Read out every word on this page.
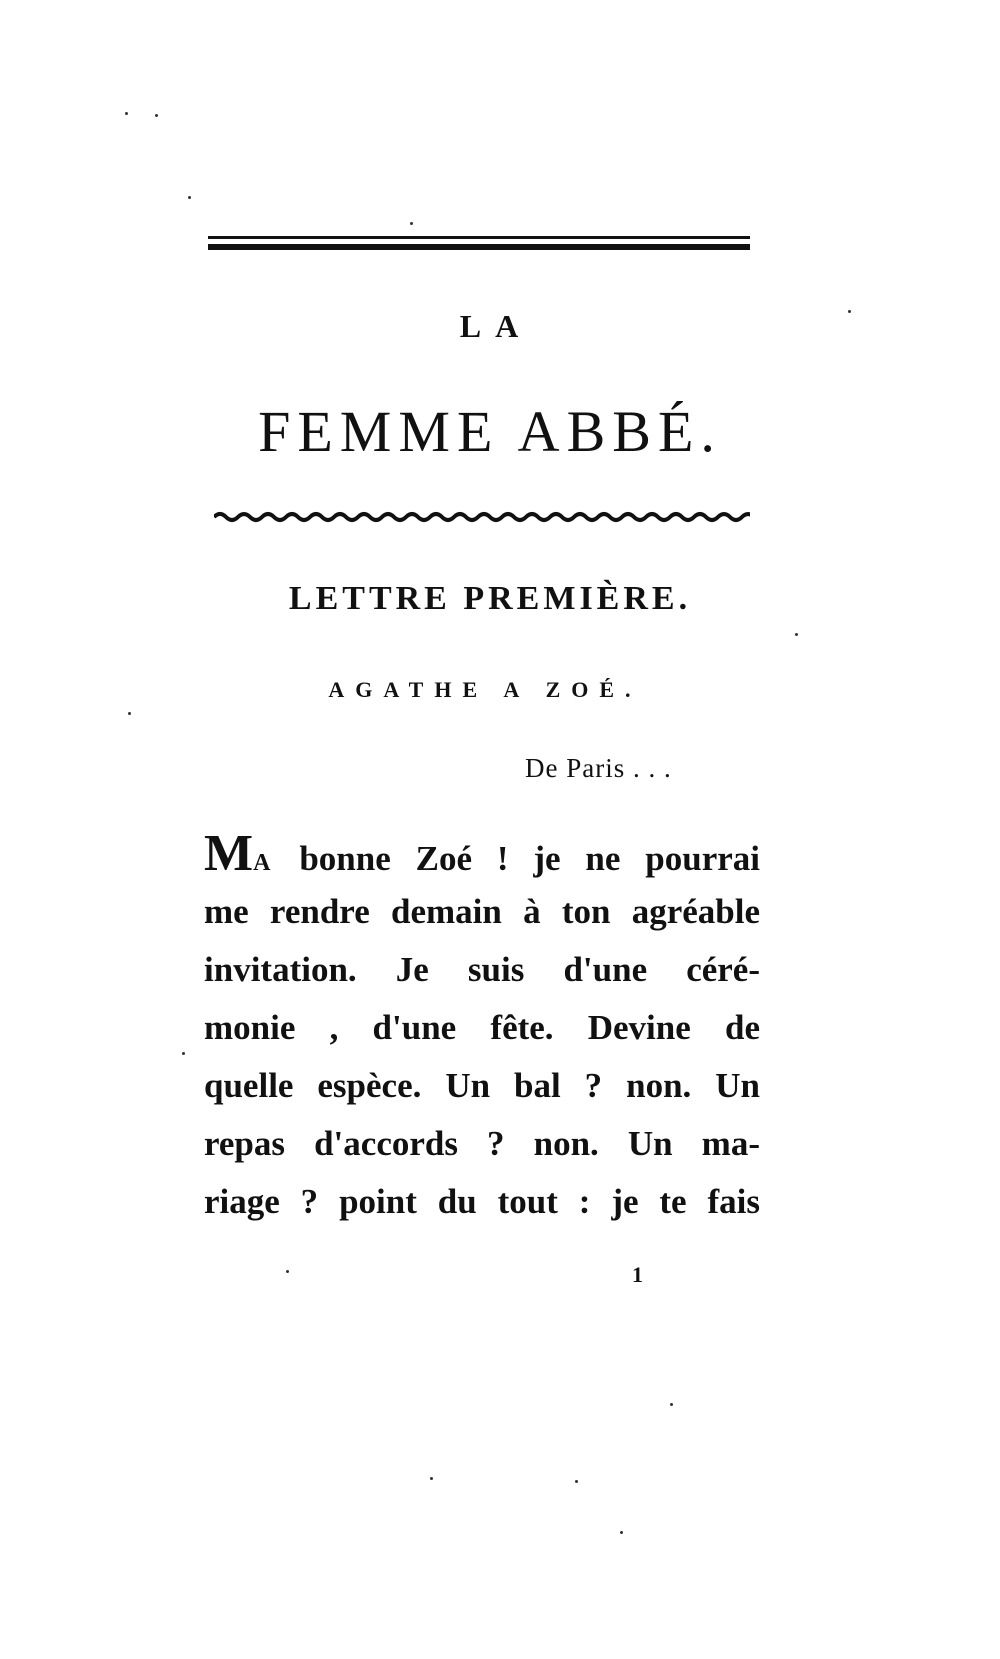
LA
FEMME ABBÉ.
LETTRE PREMIÈRE.
AGATHE A ZOÉ.
De Paris . . .
MA bonne Zoé ! je ne pourrai
me rendre demain à ton agréable
invitation. Je suis d'une céré-
monie , d'une fête. Devine de
quelle espèce. Un bal ? non. Un
repas d'accords ? non. Un ma-
riage ? point du tout : je te fais
1
